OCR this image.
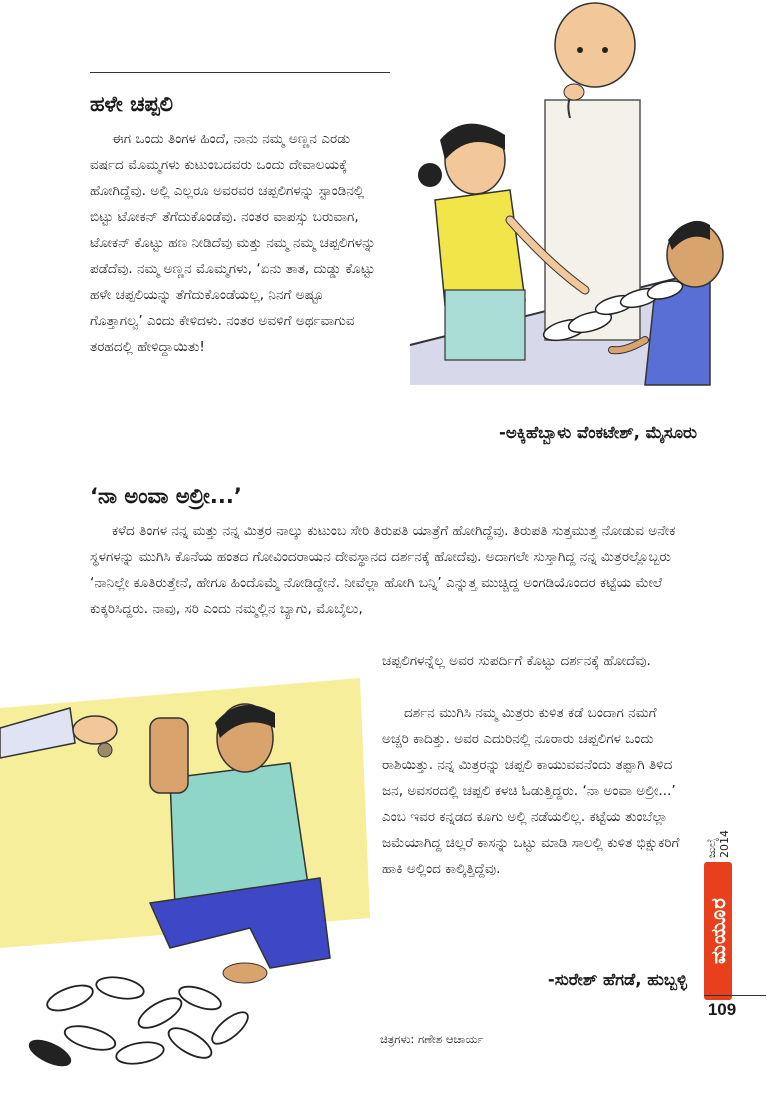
ಹಳೇ ಚಪ್ಪಲಿ

ಈಗ ಒಂದು ತಿಂಗಳ ಹಿಂದೆ, ನಾನು ನಮ್ಮ ಅಣ್ಣನ ಎರಡು ವರ್ಷದ ಮೊಮ್ಮಗಳು ಕುಟುಂಬದವರು ಒಂದು ದೇವಾಲಯಕ್ಕೆ ಹೋಗಿದ್ದೆವು. ಅಲ್ಲಿ ಎಲ್ಲರೂ ಅವರವರ ಚಪ್ಪಲಿಗಳನ್ನು ಸ್ಟಾಂಡಿನಲ್ಲಿ ಬಿಟ್ಟು ಟೋಕನ್ ತೆಗೆದುಕೊಂಡೆವು. ನಂತರ ವಾಪಸ್ಸು ಬರುವಾಗ, ಟೋಕನ್ ಕೊಟ್ಟು ಹಣ ನೀಡಿದೆವು ಮತ್ತು ನಮ್ಮ ನಮ್ಮ ಚಪ್ಪಲಿಗಳನ್ನು ಪಡೆದೆವು. ನಮ್ಮ ಅಣ್ಣನ ಮೊಮ್ಮಗಳು, ‘ಏನು ತಾತ, ದುಡ್ಡು ಕೊಟ್ಟು ಹಳೇ ಚಪ್ಪಲಿಯನ್ನು ತೆಗೆದುಕೊಂಡೆಯಲ್ಲ, ನಿನಗೆ ಅಷ್ಟೂ ಗೊತ್ತಾಗಲ್ವ’ ಎಂದು ಕೇಳಿದಳು. ನಂತರ ಅವಳಿಗೆ ಅರ್ಥವಾಗುವ ತರಹದಲ್ಲಿ ಹೇಳಿದ್ದಾಯಿತು!

-ಅಕ್ಕಿಹೆಬ್ಬಾಳು ವೆಂಕಟೇಶ್, ಮೈಸೂರು
‘ನಾ ಅಂವಾ ಅಲ್ರೀ...’

ಕಳೆದ ತಿಂಗಳ ನನ್ನ ಮತ್ತು ನನ್ನ ಮಿತ್ರರ ನಾಲ್ಕು ಕುಟುಂಬ ಸೇರಿ ತಿರುಪತಿ ಯಾತ್ರೆಗೆ ಹೋಗಿದ್ದೆವು. ತಿರುಪತಿ ಸುತ್ತಮುತ್ತ ನೋಡುವ ಅನೇಕ ಸ್ಥಳಗಳನ್ನು ಮುಗಿಸಿ ಕೊನೆಯ ಹಂತದ ಗೋವಿಂದರಾಯನ ದೇವಸ್ಥಾನದ ದರ್ಶನಕ್ಕೆ ಹೋದೆವು. ಅದಾಗಲೇ ಸುಸ್ತಾಗಿದ್ದ ನನ್ನ ಮಿತ್ರರಲ್ಲೊಬ್ಬರು ‘ನಾನಿಲ್ಲೇ ಕೂತಿರುತ್ತೇನೆ, ಹೇಗೂ ಹಿಂದೊಮ್ಮೆ ನೋಡಿದ್ದೇನೆ. ನೀವೆಲ್ಲಾ ಹೋಗಿ ಬನ್ನಿ’ ಎನ್ನುತ್ತ ಮುಚ್ಚಿದ್ದ ಅಂಗಡಿಯೊಂದರ ಕಟ್ಟೆಯ ಮೇಲೆ ಕುಕ್ಕರಿಸಿದ್ದರು. ನಾವು, ಸರಿ ಎಂದು ನಮ್ಮಲ್ಲಿನ ಬ್ಯಾಗು, ಮೊಬೈಲು,

ಚಪ್ಪಲಿಗಳನ್ನೆಲ್ಲ ಅವರ ಸುಪರ್ದಿಗೆ ಕೊಟ್ಟು ದರ್ಶನಕ್ಕೆ ಹೋದೆವು.

ದರ್ಶನ ಮುಗಿಸಿ ನಮ್ಮ ಮಿತ್ರರು ಕುಳಿತ ಕಡೆ ಬಂದಾಗ ನಮಗೆ ಅಚ್ಚರಿ ಕಾದಿತ್ತು. ಅವರ ಎದುರಿನಲ್ಲಿ ನೂರಾರು ಚಪ್ಪಲಿಗಳ ಒಂದು ರಾಶಿಯಿತ್ತು. ನನ್ನ ಮಿತ್ರರನ್ನು ಚಪ್ಪಲಿ ಕಾಯುವವನೆಂದು ತಪ್ಪಾಗಿ ತಿಳಿದ ಜನ, ಅವಸರದಲ್ಲಿ ಚಪ್ಪಲಿ ಕಳಚಿ ಓಡುತ್ತಿದ್ದರು. ‘ನಾ ಅಂವಾ ಅಲ್ರೀ...’ ಎಂಬ ಇವರ ಕನ್ನಡದ ಕೂಗು ಅಲ್ಲಿ ನಡೆಯಲಿಲ್ಲ. ಕಟ್ಟೆಯ ತುಂಬೆಲ್ಲಾ ಜಮೆಯಾಗಿದ್ದ ಚಿಲ್ಲರೆ ಕಾಸನ್ನು ಒಟ್ಟು ಮಾಡಿ ಸಾಲಲ್ಲಿ ಕುಳಿತ ಭಿಕ್ಷುಕರಿಗೆ ಹಾಕಿ ಅಲ್ಲಿಂದ ಕಾಲ್ಕಿತ್ತಿದ್ದೆವು.

-ಸುರೇಶ್ ಹೆಗಡೆ, ಹುಬ್ಬಳ್ಳಿ
ಚಿತ್ರಗಳು: ಗಣೇಶ ಆಚಾರ್ಯ
ಜುಲೈ 2014
ಮಯೂರ
109
